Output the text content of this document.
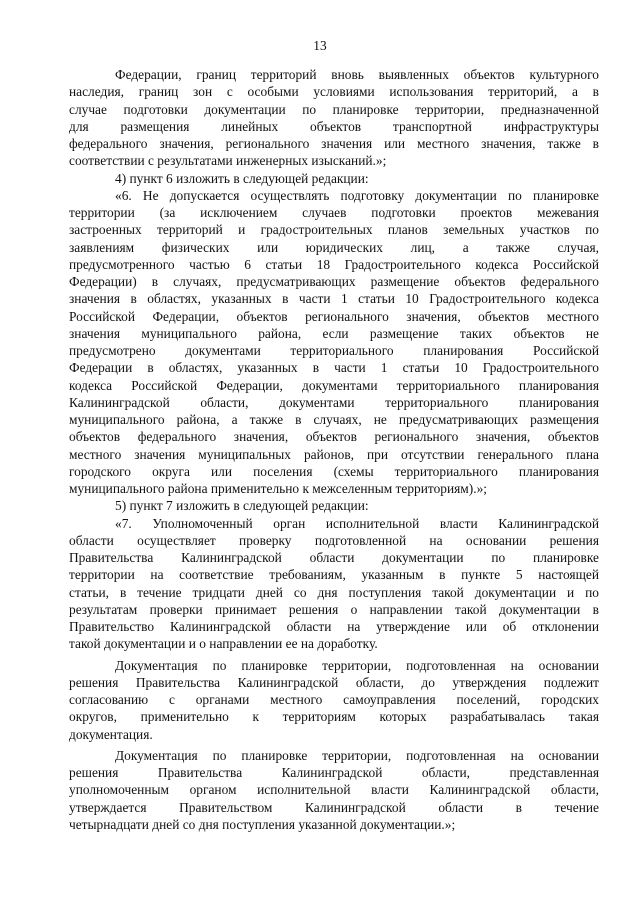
13
Федерации, границ территорий вновь выявленных объектов культурного
наследия, границ зон с особыми условиями использования территорий, а в
случае подготовки документации по планировке территории, предназначенной
для размещения линейных объектов транспортной инфраструктуры
федерального значения, регионального значения или местного значения, также в
соответствии с результатами инженерных изысканий.»;
4) пункт 6 изложить в следующей редакции:
«6. Не допускается осуществлять подготовку документации по планировке
территории (за исключением случаев подготовки проектов межевания
застроенных территорий и градостроительных планов земельных участков по
заявлениям физических или юридических лиц, а также случая,
предусмотренного частью 6 статьи 18 Градостроительного кодекса Российской
Федерации) в случаях, предусматривающих размещение объектов федерального
значения в областях, указанных в части 1 статьи 10 Градостроительного кодекса
Российской Федерации, объектов регионального значения, объектов местного
значения муниципального района, если размещение таких объектов не
предусмотрено документами территориального планирования Российской
Федерации в областях, указанных в части 1 статьи 10 Градостроительного
кодекса Российской Федерации, документами территориального планирования
Калининградской области, документами территориального планирования
муниципального района, а также в случаях, не предусматривающих размещения
объектов федерального значения, объектов регионального значения, объектов
местного значения муниципальных районов, при отсутствии генерального плана
городского округа или поселения (схемы территориального планирования
муниципального района применительно к межселенным территориям).»;
5) пункт 7 изложить в следующей редакции:
«7. Уполномоченный орган исполнительной власти Калининградской
области осуществляет проверку подготовленной на основании решения
Правительства Калининградской области документации по планировке
территории на соответствие требованиям, указанным в пункте 5 настоящей
статьи, в течение тридцати дней со дня поступления такой документации и по
результатам проверки принимает решения о направлении такой документации в
Правительство Калининградской области на утверждение или об отклонении
такой документации и о направлении ее на доработку.
Документация по планировке территории, подготовленная на основании
решения Правительства Калининградской области, до утверждения подлежит
согласованию с органами местного самоуправления поселений, городских
округов, применительно к территориям которых разрабатывалась такая
документация.
Документация по планировке территории, подготовленная на основании
решения Правительства Калининградской области, представленная
уполномоченным органом исполнительной власти Калининградской области,
утверждается Правительством Калининградской области в течение
четырнадцати дней со дня поступления указанной документации.»;
